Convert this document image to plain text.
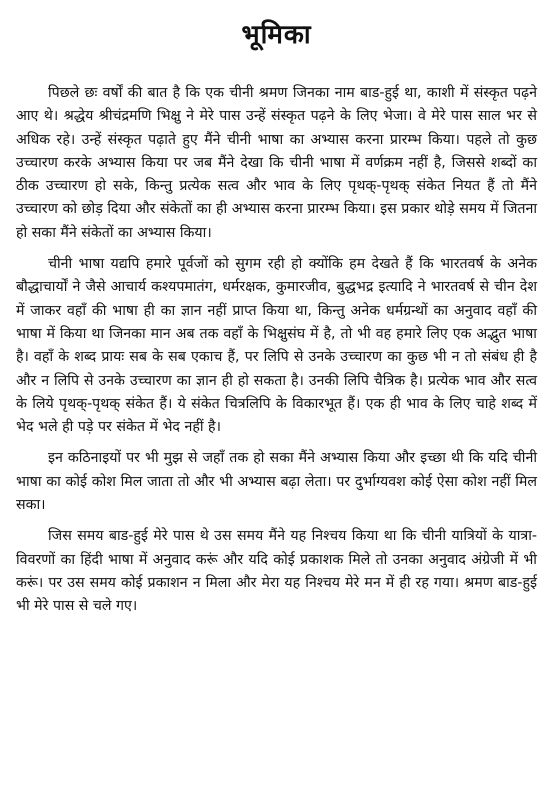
भूमिका

पिछले छः वर्षों की बात है कि एक चीनी श्रमण जिनका नाम बाड-हुई था, काशी में संस्कृत पढ़ने आए थे। श्रद्धेय श्रीचंद्रमणि भिक्षु ने मेरे पास उन्हें संस्कृत पढ़ने के लिए भेजा। वे मेरे पास साल भर से अधिक रहे। उन्हें संस्कृत पढ़ाते हुए मैंने चीनी भाषा का अभ्यास करना प्रारम्भ किया। पहले तो कुछ उच्चारण करके अभ्यास किया पर जब मैंने देखा कि चीनी भाषा में वर्णक्रम नहीं है, जिससे शब्दों का ठीक उच्चारण हो सके, किन्तु प्रत्येक सत्व और भाव के लिए पृथक्-पृथक् संकेत नियत हैं तो मैंने उच्चारण को छोड़ दिया और संकेतों का ही अभ्यास करना प्रारम्भ किया। इस प्रकार थोड़े समय में जितना हो सका मैंने संकेतों का अभ्यास किया।

चीनी भाषा यद्यपि हमारे पूर्वजों को सुगम रही हो क्योंकि हम देखते हैं कि भारतवर्ष के अनेक बौद्धाचार्यों ने जैसे आचार्य कश्यपमातंग, धर्मरक्षक, कुमारजीव, बुद्धभद्र इत्यादि ने भारतवर्ष से चीन देश में जाकर वहाँ की भाषा ही का ज्ञान नहीं प्राप्त किया था, किन्तु अनेक धर्मग्रन्थों का अनुवाद वहाँ की भाषा में किया था जिनका मान अब तक वहाँ के भिक्षुसंघ में है, तो भी वह हमारे लिए एक अद्भुत भाषा है। वहाँ के शब्द प्रायः सब के सब एकाच हैं, पर लिपि से उनके उच्चारण का कुछ भी न तो संबंध ही है और न लिपि से उनके उच्चारण का ज्ञान ही हो सकता है। उनकी लिपि चैत्रिक है। प्रत्येक भाव और सत्व के लिये पृथक्-पृथक् संकेत हैं। ये संकेत चित्रलिपि के विकारभूत हैं। एक ही भाव के लिए चाहे शब्द में भेद भले ही पड़े पर संकेत में भेद नहीं है।

इन कठिनाइयों पर भी मुझ से जहाँ तक हो सका मैंने अभ्यास किया और इच्छा थी कि यदि चीनी भाषा का कोई कोश मिल जाता तो और भी अभ्यास बढ़ा लेता। पर दुर्भाग्यवश कोई ऐसा कोश नहीं मिल सका।

जिस समय बाड-हुई मेरे पास थे उस समय मैंने यह निश्चय किया था कि चीनी यात्रियों के यात्रा-विवरणों का हिंदी भाषा में अनुवाद करूं और यदि कोई प्रकाशक मिले तो उनका अनुवाद अंग्रेजी में भी करूं। पर उस समय कोई प्रकाशन न मिला और मेरा यह निश्चय मेरे मन में ही रह गया। श्रमण बाड-हुई भी मेरे पास से चले गए।
